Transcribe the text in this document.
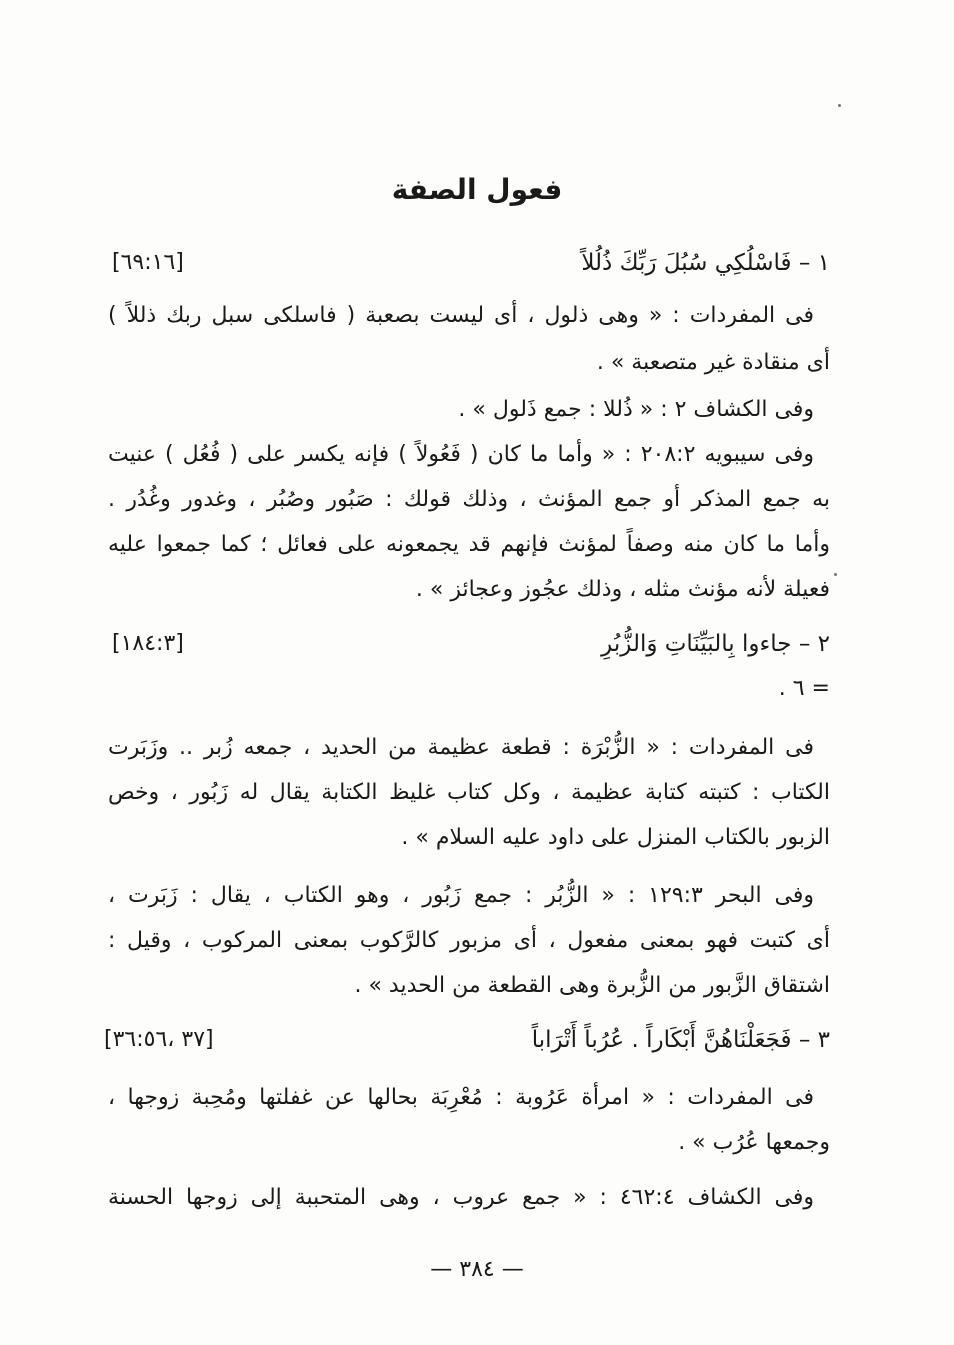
فعول الصفة
١ – فَاسْلُكِي سُبُلَ رَبِّكَ ذُلُلاً
[٦٩:١٦]
فى المفردات : « وهى ذلول ، أى ليست بصعبة ( فاسلكى سبل ربك ذللاً )
أى منقادة غير متصعبة » .
وفى الكشاف ٢ : « ذُللا : جمع ذَلول » .
وفى سيبويه ٢٠٨:٢ : « وأما ما كان ( فَعُولاً ) فإنه يكسر على ( فُعُل ) عنيت
به جمع المذكر أو جمع المؤنث ، وذلك قولك : صَبُور وصُبُر ، وغدور وغُدُر .
وأما ما كان منه وصفاً لمؤنث فإنهم قد يجمعونه على فعائل ؛ كما جمعوا عليه
فعيلة لأنه مؤنث مثله ، وذلك عجُوز وعجائز » .
٢ – جاءوا بِالبَيِّنَاتِ وَالزُّبُرِ
[١٨٤:٣]
= ٦ .
فى المفردات : « الزُّبْرَة : قطعة عظيمة من الحديد ، جمعه زُبر .. وزَبَرت
الكتاب : كتبته كتابة عظيمة ، وكل كتاب غليظ الكتابة يقال له زَبُور ، وخص
الزبور بالكتاب المنزل على داود عليه السلام » .
وفى البحر ١٢٩:٣ : « الزُّبُر : جمع زَبُور ، وهو الكتاب ، يقال : زَبَرت ،
أى كتبت فهو بمعنى مفعول ، أى مزبور كالرَّكوب بمعنى المركوب ، وقيل :
اشتقاق الزَّبور من الزُّبرة وهى القطعة من الحديد » .
٣ – فَجَعَلْنَاهُنَّ أَبْكَاراً . عُرُباً أَتْرَاباً
[٣٧ ،٣٦:٥٦]
فى المفردات : « امرأة عَرُوبة : مُعْرِبَة بحالها عن غفلتها ومُحِبة زوجها ،
وجمعها عُرُب » .
وفى الكشاف ٤٦٢:٤ : « جمع عروب ، وهى المتحببة إلى زوجها الحسنة
— ٣٨٤ —
